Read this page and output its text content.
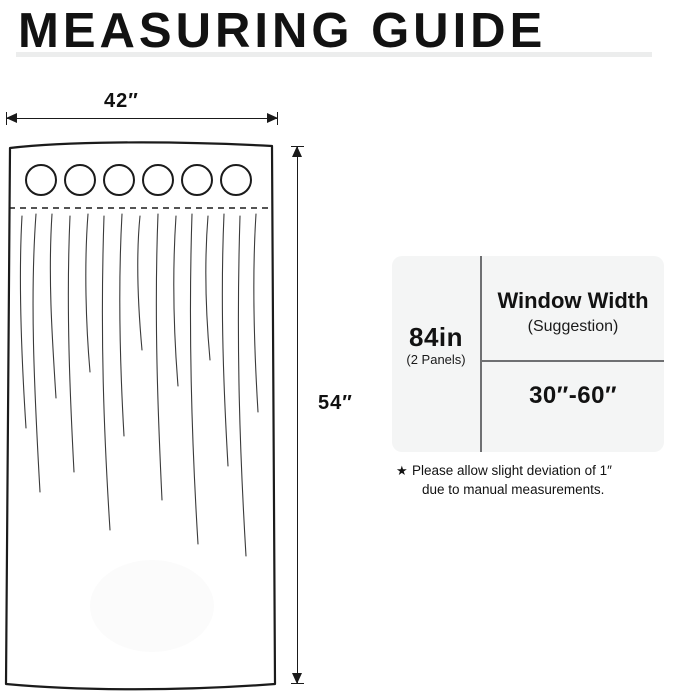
MEASURING GUIDE
42″
54″
84in
(2 Panels)
Window Width
(Suggestion)
30″-60″
★ Please allow slight deviation of 1″
due to manual measurements.
